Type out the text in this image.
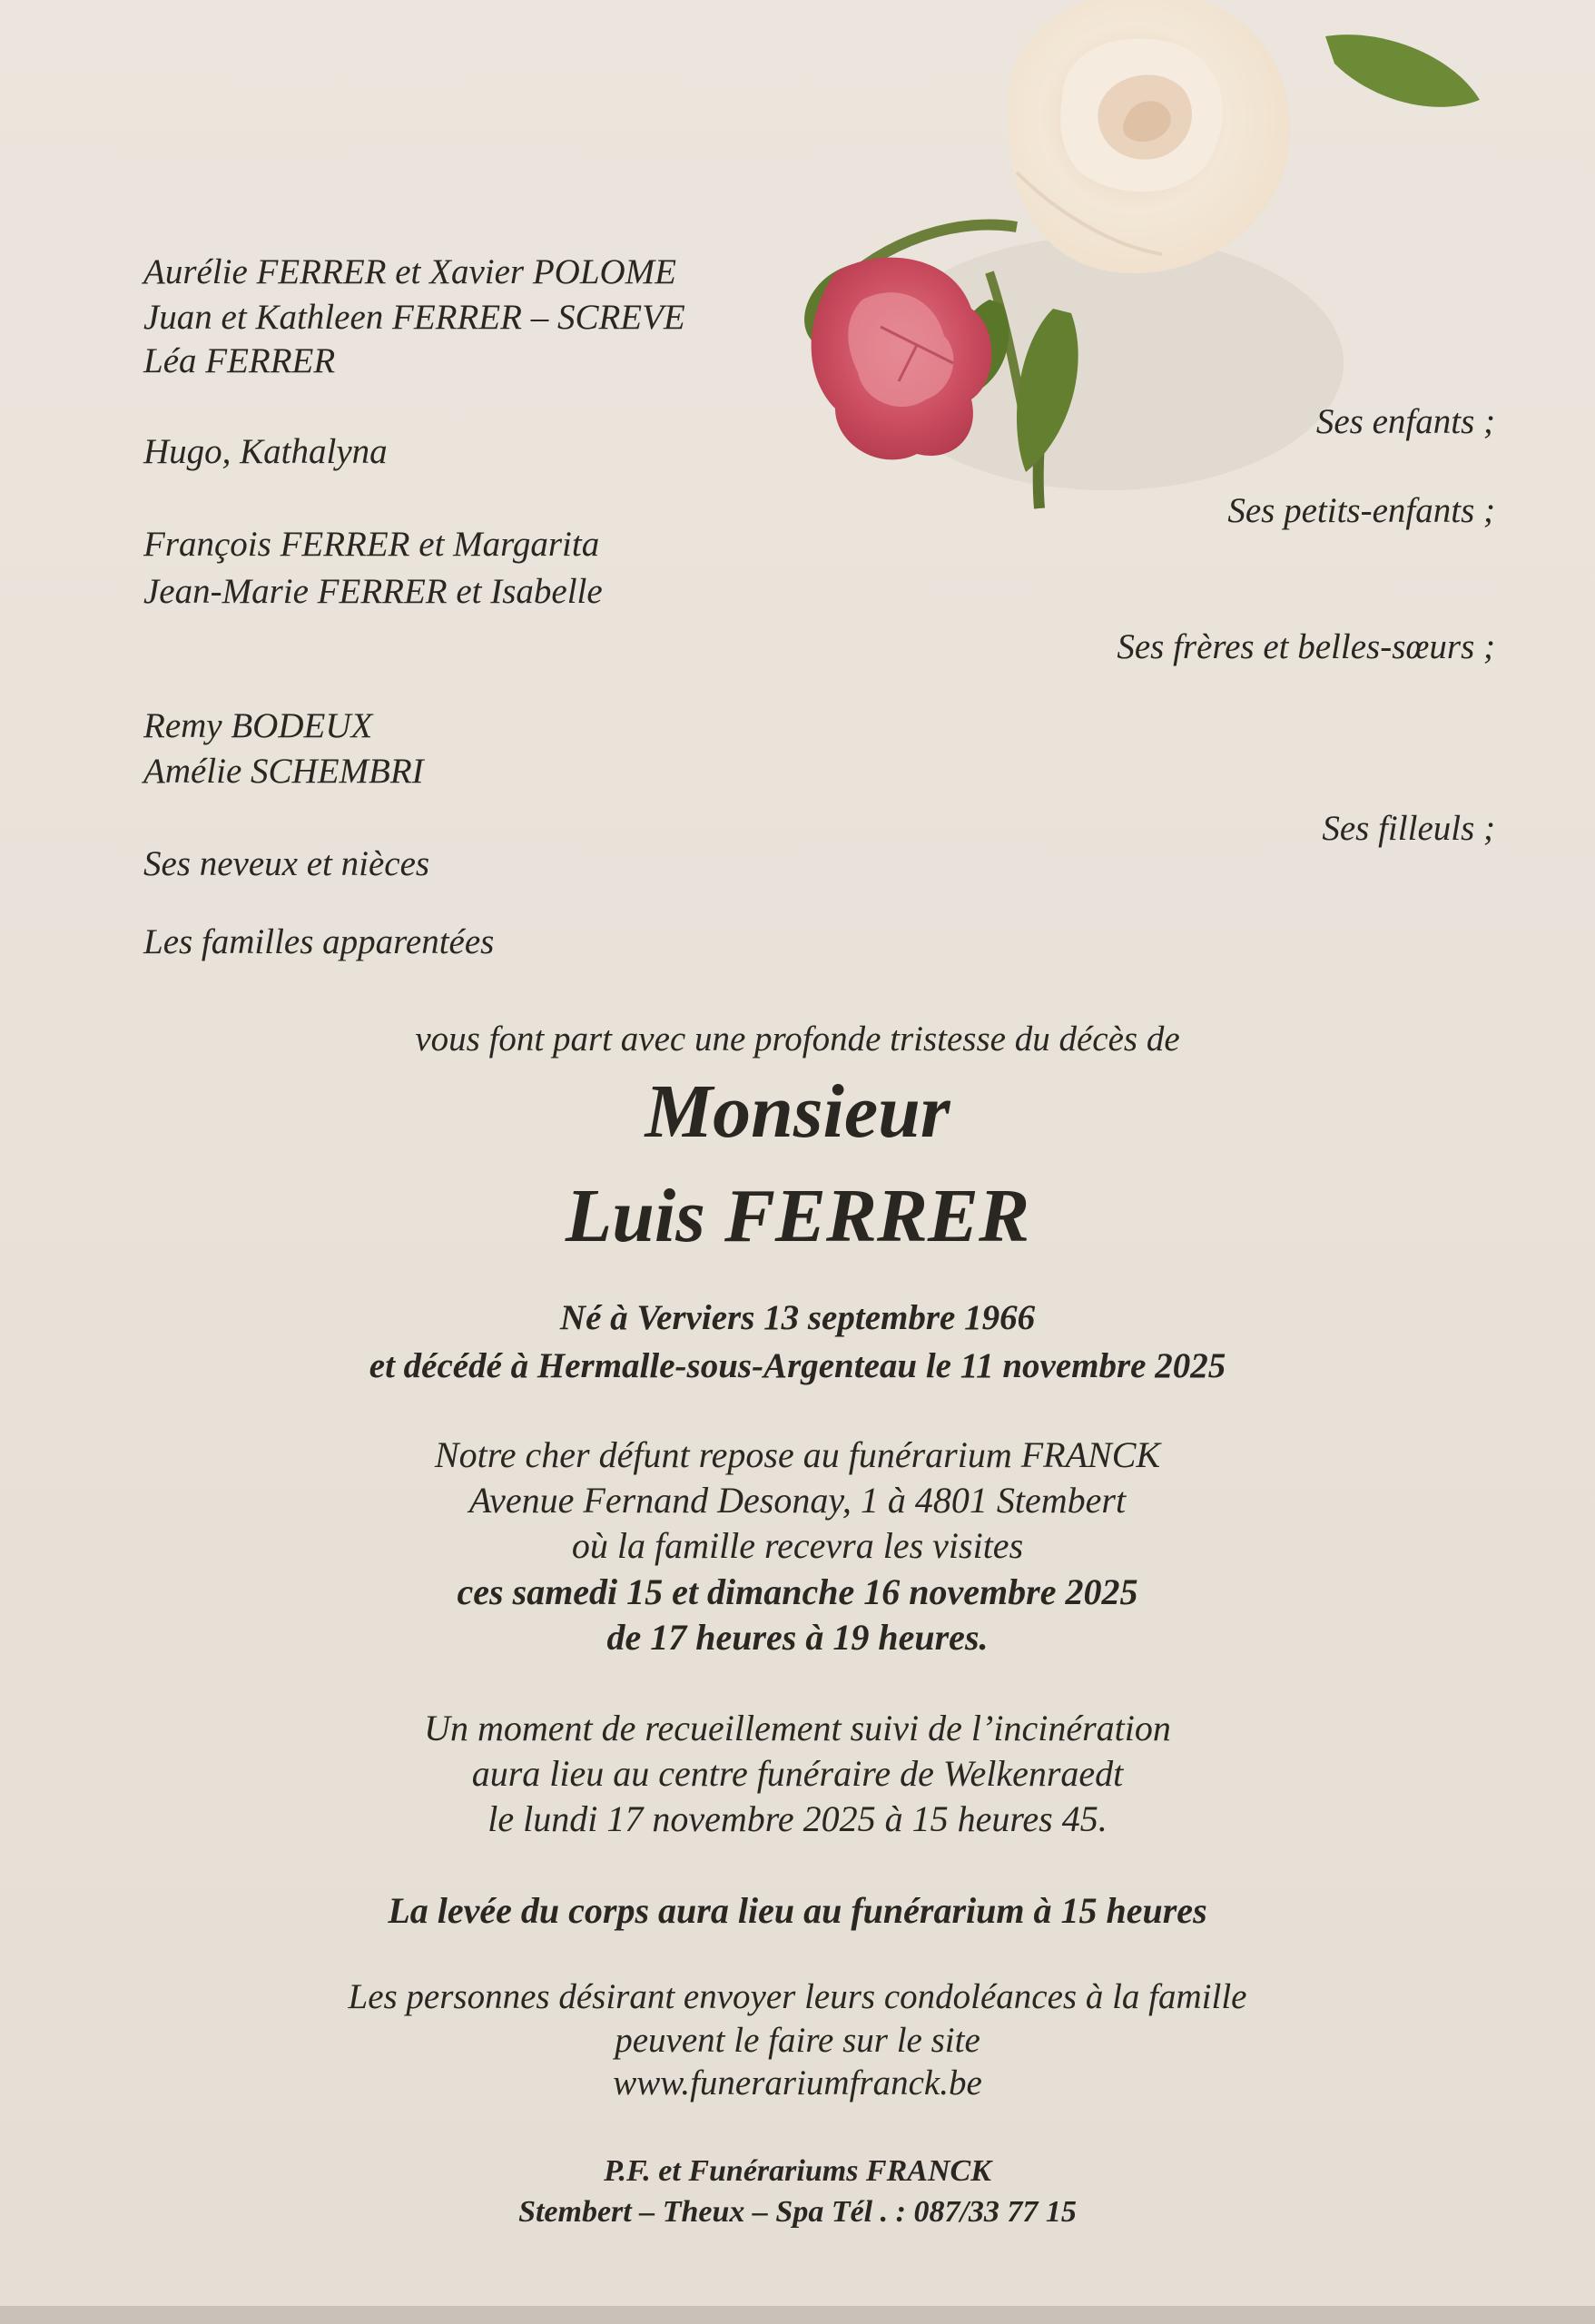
Aurélie FERRER et Xavier POLOME
Juan et Kathleen FERRER – SCREVE
Léa FERRER
Ses enfants ;
Hugo, Kathalyna
Ses petits-enfants ;
François FERRER et Margarita
Jean-Marie FERRER et Isabelle
Ses frères et belles-sœurs ;
Remy BODEUX
Amélie SCHEMBRI
Ses filleuls ;
Ses neveux et nièces
Les familles apparentées
vous font part avec une profonde tristesse du décès de
Monsieur
Luis FERRER
Né à Verviers 13 septembre 1966
et décédé à Hermalle-sous-Argenteau le 11 novembre 2025
Notre cher défunt repose au funérarium FRANCK
Avenue Fernand Desonay, 1 à 4801 Stembert
où la famille recevra les visites
ces samedi 15 et dimanche 16 novembre 2025
de 17 heures à 19 heures.
Un moment de recueillement suivi de l’incinération
aura lieu au centre funéraire de Welkenraedt
le lundi 17 novembre 2025 à 15 heures 45.
La levée du corps aura lieu au funérarium à 15 heures
Les personnes désirant envoyer leurs condoléances à la famille
peuvent le faire sur le site
www.funerariumfranck.be
P.F. et Funérariums FRANCK
Stembert – Theux – Spa Tél . : 087/33 77 15
